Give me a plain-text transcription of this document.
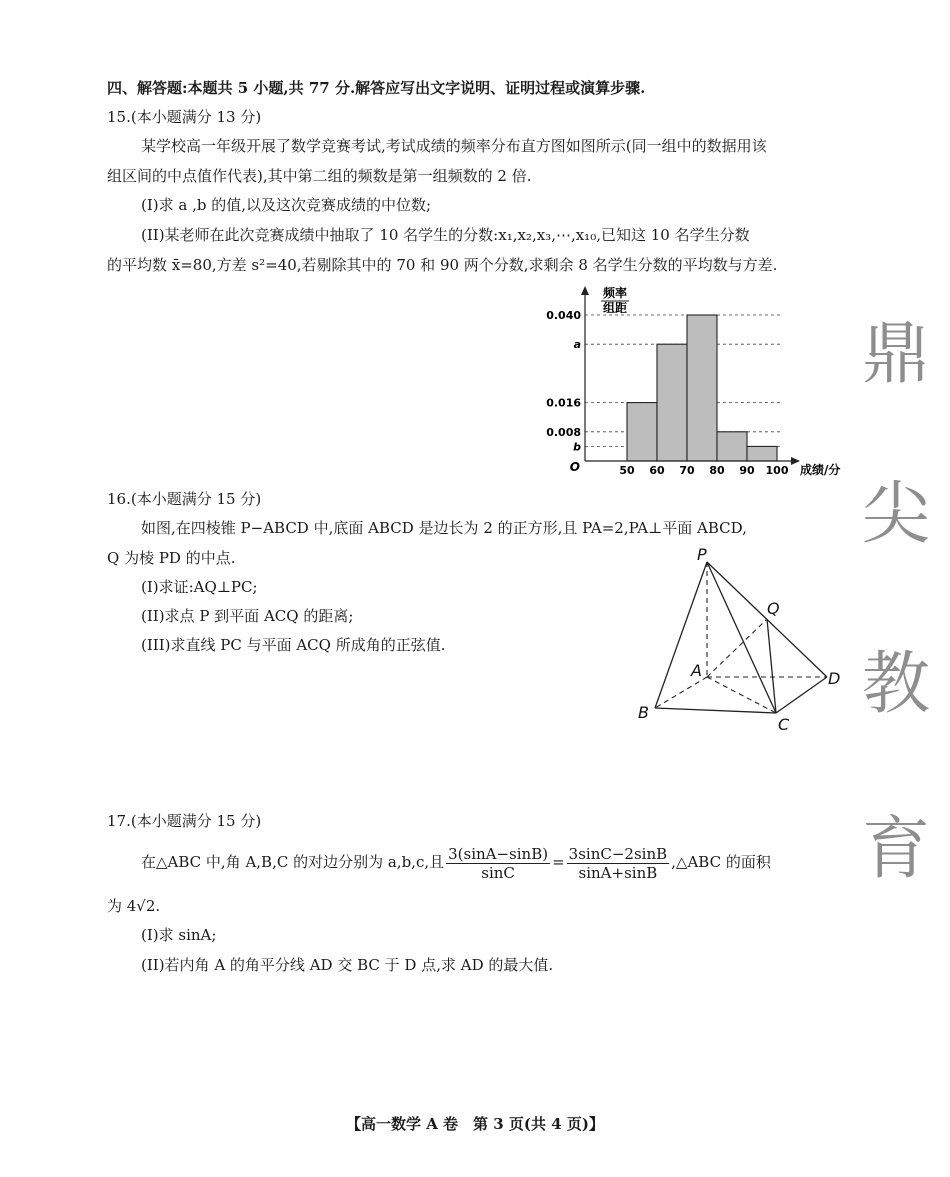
四、解答题:本题共 5 小题,共 77 分.解答应写出文字说明、证明过程或演算步骤.
15.(本小题满分 13 分)
某学校高一年级开展了数学竞赛考试,考试成绩的频率分布直方图如图所示(同一组中的数据用该
组区间的中点值作代表),其中第二组的频数是第一组频数的 2 倍.
(I)求 a ,b 的值,以及这次竞赛成绩的中位数;
(II)某老师在此次竞赛成绩中抽取了 10 名学生的分数:x₁,x₂,x₃,⋯,x₁₀,已知这 10 名学生分数
的平均数 x̄=80,方差 s²=40,若剔除其中的 70 和 90 两个分数,求剩余 8 名学生分数的平均数与方差.
频率
组距
O	成绩/分
50 60 70 80 90 100
0.040
a
0.016
0.008
b
16.(本小题满分 15 分)
如图,在四棱锥 P−ABCD 中,底面 ABCD 是边长为 2 的正方形,且 PA=2,PA⊥平面 ABCD,
Q 为棱 PD 的中点.
(I)求证:AQ⊥PC;
(II)求点 P 到平面 ACQ 的距离;
(III)求直线 PC 与平面 ACQ 所成角的正弦值.
P
Q
A
B
C
D
17.(本小题满分 15 分)
在△ABC 中,角 A,B,C 的对边分别为 a,b,c,且 $\frac{3(\sin A-\sin B)}{\sin C} = \frac{3\sin C-2\sin B}{\sin A+\sin B}$ ,△ABC 的面积
为 4√2.
(I)求 sinA;
(II)若内角 A 的角平分线 AD 交 BC 于 D 点,求 AD 的最大值.
鼎
尖
教
育
【高一数学 A 卷　第 3 页(共 4 页)】
